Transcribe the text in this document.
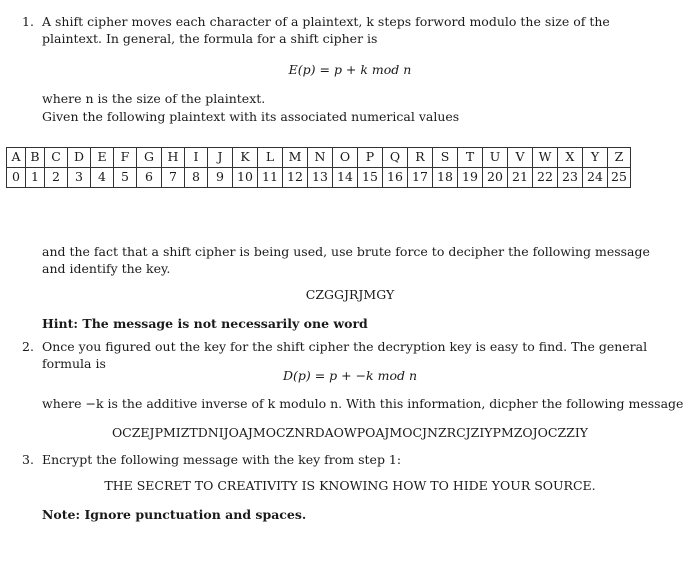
1. A shift cipher moves each character of a plaintext, k steps forword modulo the size of the plaintext. In general, the formula for a shift cipher is
E(p) = p + k mod n
where n is the size of the plaintext.
Given the following plaintext with its associated numerical values
A	B	C	D	E	F	G	H	I	J	K	L	M	N	O	P	Q	R	S	T	U	V	W	X	Y	Z
0	1	2	3	4	5	6	7	8	9	10	11	12	13	14	15	16	17	18	19	20	21	22	23	24	25
and the fact that a shift cipher is being used, use brute force to decipher the following message and identify the key.
CZGGJRJMGY
Hint: The message is not necessarily one word
2. Once you figured out the key for the shift cipher the decryption key is easy to find. The general formula is
D(p) = p + −k mod n
where −k is the additive inverse of k modulo n. With this information, dicpher the following message
OCZEJPMIZTDNIJOAJMOCZNRDAOWPOAJMOCJNZRCJZIYPMZOJOCZZIY
3. Encrypt the following message with the key from step 1:
THE SECRET TO CREATIVITY IS KNOWING HOW TO HIDE YOUR SOURCE.
Note: Ignore punctuation and spaces.
